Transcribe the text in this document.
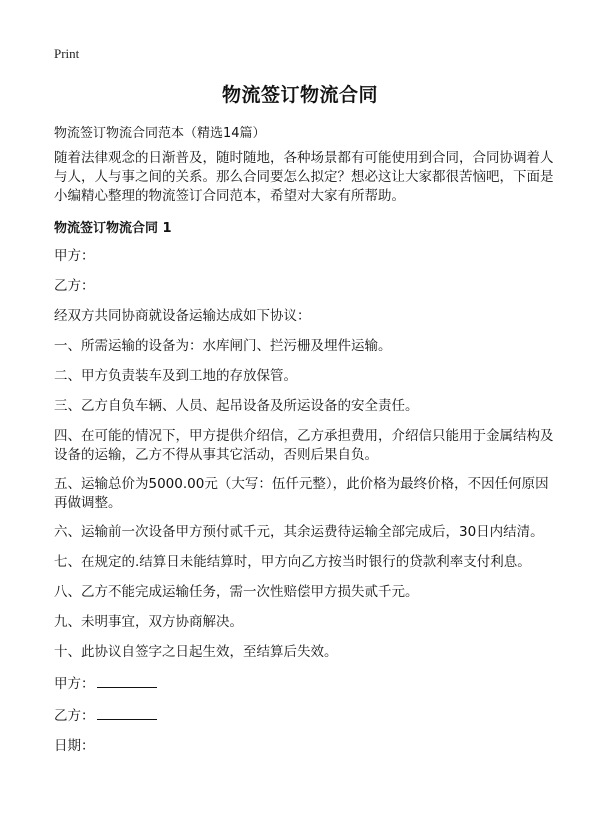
Print
物流签订物流合同
物流签订物流合同范本（精选14篇）
随着法律观念的日渐普及，随时随地，各种场景都有可能使用到合同，合同协调着人与人，人与事之间的关系。那么合同要怎么拟定？想必这让大家都很苦恼吧，下面是小编精心整理的物流签订合同范本，希望对大家有所帮助。
物流签订物流合同 1
甲方：
乙方：
经双方共同协商就设备运输达成如下协议：
一、所需运输的设备为：水库闸门、拦污栅及埋件运输。
二、甲方负责装车及到工地的存放保管。
三、乙方自负车辆、人员、起吊设备及所运设备的安全责任。
四、在可能的情况下，甲方提供介绍信，乙方承担费用，介绍信只能用于金属结构及设备的运输，乙方不得从事其它活动，否则后果自负。
五、运输总价为5000.00元（大写：伍仟元整），此价格为最终价格，不因任何原因再做调整。
六、运输前一次设备甲方预付贰千元，其余运费待运输全部完成后，30日内结清。
七、在规定的.结算日未能结算时，甲方向乙方按当时银行的贷款利率支付利息。
八、乙方不能完成运输任务，需一次性赔偿甲方损失贰千元。
九、未明事宜，双方协商解决。
十、此协议自签字之日起生效，至结算后失效。
甲方：
乙方：
日期：
